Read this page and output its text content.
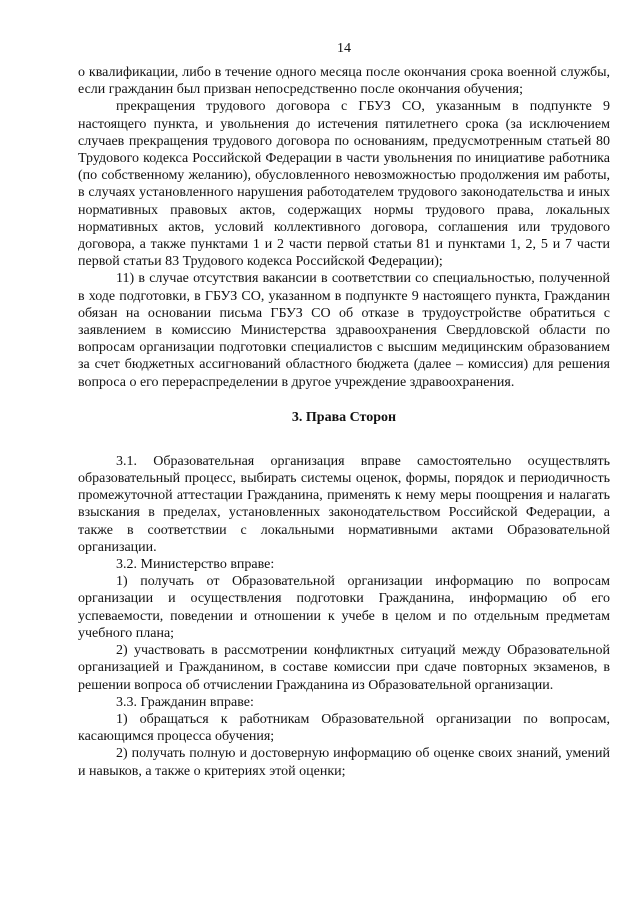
14

о квалификации, либо в течение одного месяца после окончания срока военной службы, если гражданин был призван непосредственно после окончания обучения;

прекращения трудового договора с ГБУЗ СО, указанным в подпункте 9 настоящего пункта, и увольнения до истечения пятилетнего срока (за исключением случаев прекращения трудового договора по основаниям, предусмотренным статьей 80 Трудового кодекса Российской Федерации в части увольнения по инициативе работника (по собственному желанию), обусловленного невозможностью продолжения им работы, в случаях установленного нарушения работодателем трудового законодательства и иных нормативных правовых актов, содержащих нормы трудового права, локальных нормативных актов, условий коллективного договора, соглашения или трудового договора, а также пунктами 1 и 2 части первой статьи 81 и пунктами 1, 2, 5 и 7 части первой статьи 83 Трудового кодекса Российской Федерации);

11) в случае отсутствия вакансии в соответствии со специальностью, полученной в ходе подготовки, в ГБУЗ СО, указанном в подпункте 9 настоящего пункта, Гражданин обязан на основании письма ГБУЗ СО об отказе в трудоустройстве обратиться с заявлением в комиссию Министерства здравоохранения Свердловской области по вопросам организации подготовки специалистов с высшим медицинским образованием за счет бюджетных ассигнований областного бюджета (далее – комиссия) для решения вопроса о его перераспределении в другое учреждение здравоохранения.

3. Права Сторон

3.1. Образовательная организация вправе самостоятельно осуществлять образовательный процесс, выбирать системы оценок, формы, порядок и периодичность промежуточной аттестации Гражданина, применять к нему меры поощрения и налагать взыскания в пределах, установленных законодательством Российской Федерации, а также в соответствии с локальными нормативными актами Образовательной организации.

3.2. Министерство вправе:

1) получать от Образовательной организации информацию по вопросам организации и осуществления подготовки Гражданина, информацию об его успеваемости, поведении и отношении к учебе в целом и по отдельным предметам учебного плана;

2) участвовать в рассмотрении конфликтных ситуаций между Образовательной организацией и Гражданином, в составе комиссии при сдаче повторных экзаменов, в решении вопроса об отчислении Гражданина из Образовательной организации.

3.3. Гражданин вправе:

1) обращаться к работникам Образовательной организации по вопросам, касающимся процесса обучения;

2) получать полную и достоверную информацию об оценке своих знаний, умений и навыков, а также о критериях этой оценки;
